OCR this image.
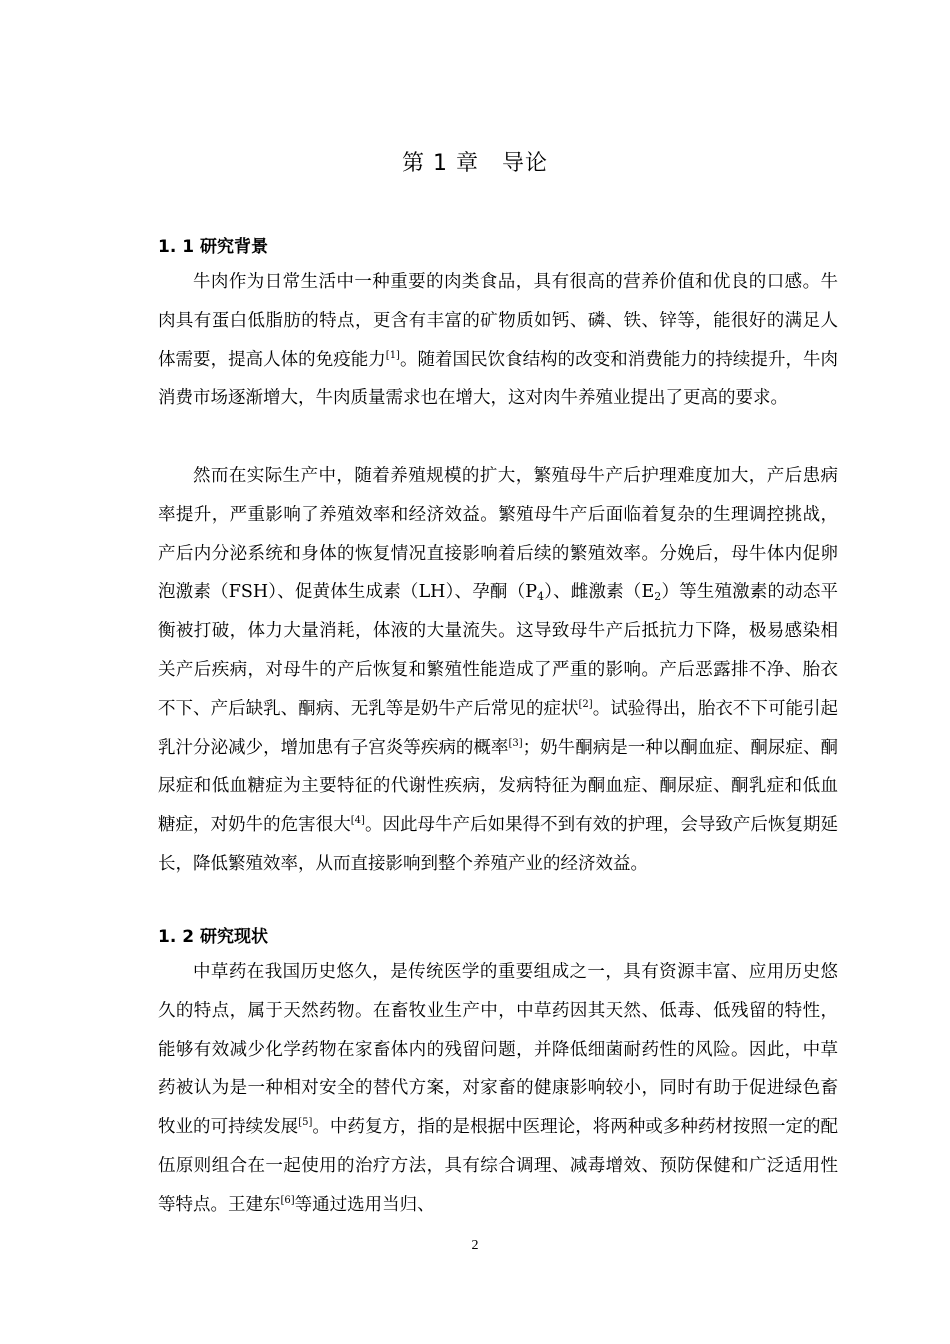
第 1 章　导论
1. 1 研究背景

牛肉作为日常生活中一种重要的肉类食品，具有很高的营养价值和优良的口感。牛肉具有蛋白低脂肪的特点，更含有丰富的矿物质如钙、磷、铁、锌等，能很好的满足人体需要，提高人体的免疫能力[1]。随着国民饮食结构的改变和消费能力的持续提升，牛肉消费市场逐渐增大，牛肉质量需求也在增大，这对肉牛养殖业提出了更高的要求。

然而在实际生产中，随着养殖规模的扩大，繁殖母牛产后护理难度加大，产后患病率提升，严重影响了养殖效率和经济效益。繁殖母牛产后面临着复杂的生理调控挑战，产后内分泌系统和身体的恢复情况直接影响着后续的繁殖效率。分娩后，母牛体内促卵泡激素（FSH）、促黄体生成素（LH）、孕酮$(P_4)$、雌激素$(E_2)$等生殖激素的动态平衡被打破，体力大量消耗，体液的大量流失。这导致母牛产后抵抗力下降，极易感染相关产后疾病，对母牛的产后恢复和繁殖性能造成了严重的影响。产后恶露排不净、胎衣不下、产后缺乳、酮病、无乳等是奶牛产后常见的症状[2]。试验得出，胎衣不下可能引起乳汁分泌减少，增加患有子宫炎等疾病的概率[3]；奶牛酮病是一种以酮血症、酮尿症、酮尿症和低血糖症为主要特征的代谢性疾病，发病特征为酮血症、酮尿症、酮乳症和低血糖症，对奶牛的危害很大[4]。因此母牛产后如果得不到有效的护理，会导致产后恢复期延长，降低繁殖效率，从而直接影响到整个养殖产业的经济效益。

1. 2 研究现状

中草药在我国历史悠久，是传统医学的重要组成之一，具有资源丰富、应用历史悠久的特点，属于天然药物。在畜牧业生产中，中草药因其天然、低毒、低残留的特性，能够有效减少化学药物在家畜体内的残留问题，并降低细菌耐药性的风险。因此，中草药被认为是一种相对安全的替代方案，对家畜的健康影响较小，同时有助于促进绿色畜牧业的可持续发展[5]。中药复方，指的是根据中医理论，将两种或多种药材按照一定的配伍原则组合在一起使用的治疗方法，具有综合调理、减毒增效、预防保健和广泛适用性等特点。王建东[6]等通过选用当归、

2
